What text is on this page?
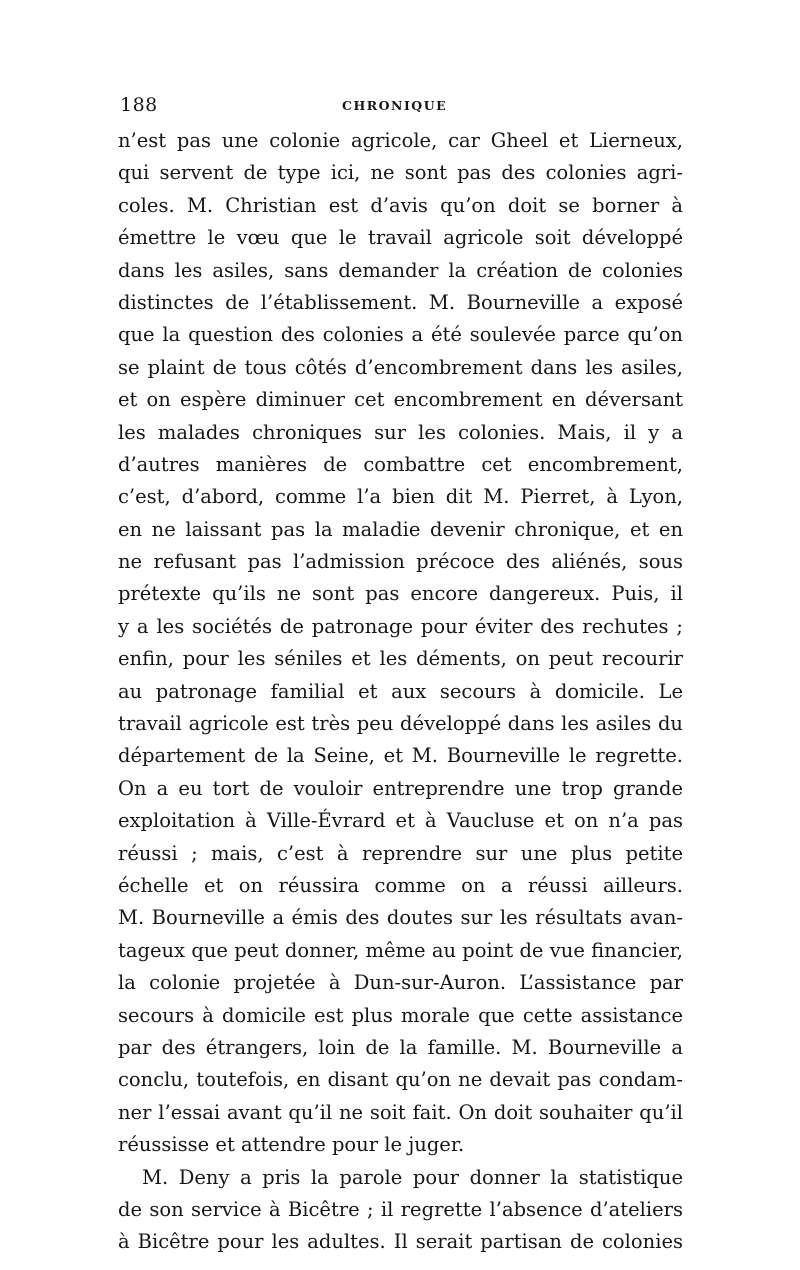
188	CHRONIQUE
n’est pas une colonie agricole, car Gheel et Lierneux,
qui servent de type ici, ne sont pas des colonies agri-
coles. M. Christian est d’avis qu’on doit se borner à
émettre le vœu que le travail agricole soit développé
dans les asiles, sans demander la création de colonies
distinctes de l’établissement. M. Bourneville a exposé
que la question des colonies a été soulevée parce qu’on
se plaint de tous côtés d’encombrement dans les asiles,
et on espère diminuer cet encombrement en déversant
les malades chroniques sur les colonies. Mais, il y a
d’autres manières de combattre cet encombrement,
c’est, d’abord, comme l’a bien dit M. Pierret, à Lyon,
en ne laissant pas la maladie devenir chronique, et en
ne refusant pas l’admission précoce des aliénés, sous
prétexte qu’ils ne sont pas encore dangereux. Puis, il
y a les sociétés de patronage pour éviter des rechutes ;
enfin, pour les séniles et les déments, on peut recourir
au patronage familial et aux secours à domicile. Le
travail agricole est très peu développé dans les asiles du
département de la Seine, et M. Bourneville le regrette.
On a eu tort de vouloir entreprendre une trop grande
exploitation à Ville-Évrard et à Vaucluse et on n’a pas
réussi ; mais, c’est à reprendre sur une plus petite
échelle et on réussira comme on a réussi ailleurs.
M. Bourneville a émis des doutes sur les résultats avan-
tageux que peut donner, même au point de vue financier,
la colonie projetée à Dun-sur-Auron. L’assistance par
secours à domicile est plus morale que cette assistance
par des étrangers, loin de la famille. M. Bourneville a
conclu, toutefois, en disant qu’on ne devait pas condam-
ner l’essai avant qu’il ne soit fait. On doit souhaiter qu’il
réussisse et attendre pour le juger.
M. Deny a pris la parole pour donner la statistique
de son service à Bicêtre ; il regrette l’absence d’ateliers
à Bicêtre pour les adultes. Il serait partisan de colonies
